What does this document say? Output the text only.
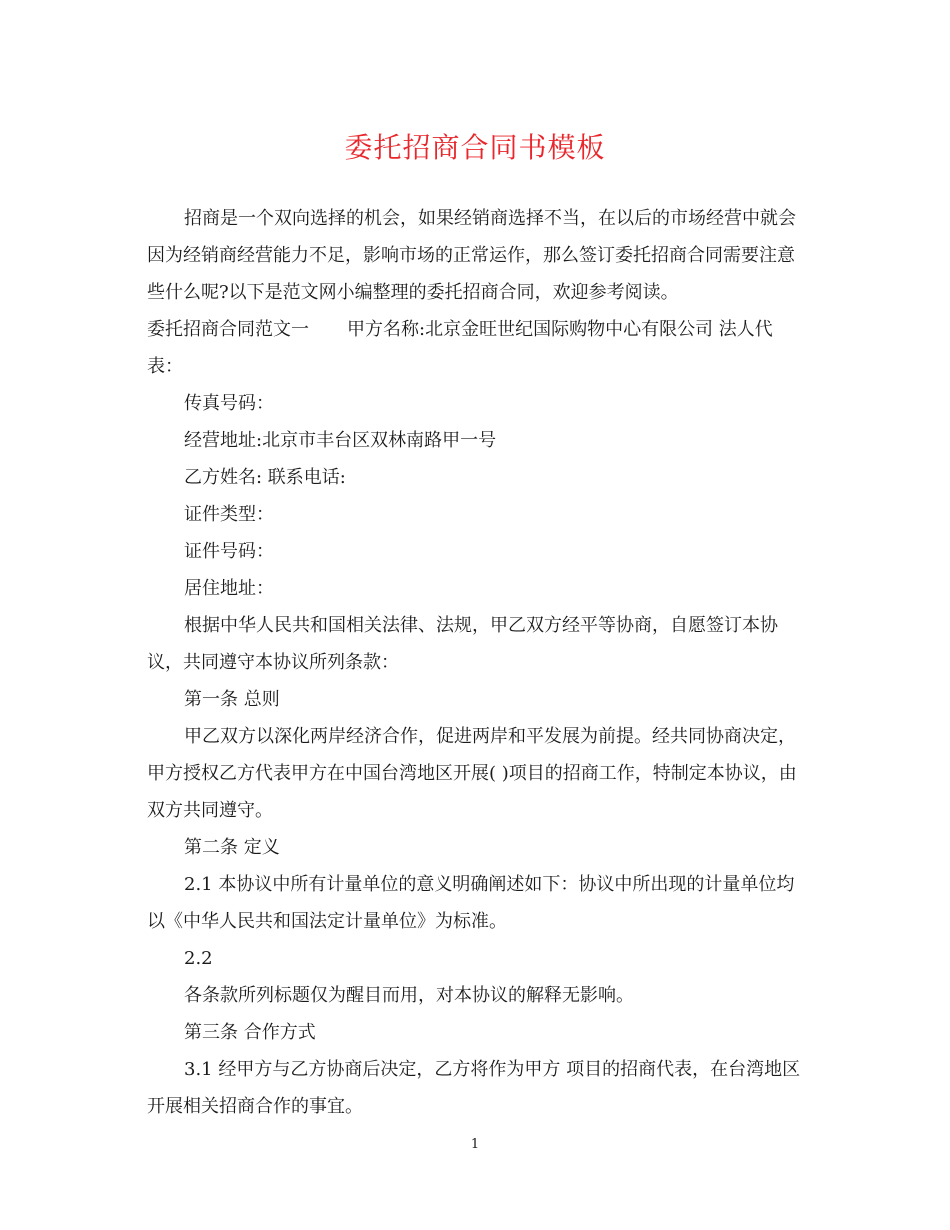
委托招商合同书模板

招商是一个双向选择的机会，如果经销商选择不当，在以后的市场经营中就会因为经销商经营能力不足，影响市场的正常运作，那么签订委托招商合同需要注意些什么呢?以下是范文网小编整理的委托招商合同，欢迎参考阅读。

委托招商合同范文一 甲方名称:北京金旺世纪国际购物中心有限公司 法人代表：

传真号码：

经营地址:北京市丰台区双林南路甲一号

乙方姓名: 联系电话:

证件类型：

证件号码：

居住地址：

根据中华人民共和国相关法律、法规，甲乙双方经平等协商，自愿签订本协议，共同遵守本协议所列条款：

第一条 总则

甲乙双方以深化两岸经济合作，促进两岸和平发展为前提。经共同协商决定，甲方授权乙方代表甲方在中国台湾地区开展( )项目的招商工作，特制定本协议，由双方共同遵守。

第二条 定义

2.1 本协议中所有计量单位的意义明确阐述如下：协议中所出现的计量单位均以《中华人民共和国法定计量单位》为标准。

2.2

各条款所列标题仅为醒目而用，对本协议的解释无影响。

第三条 合作方式

3.1 经甲方与乙方协商后决定，乙方将作为甲方 项目的招商代表，在台湾地区开展相关招商合作的事宜。

1
